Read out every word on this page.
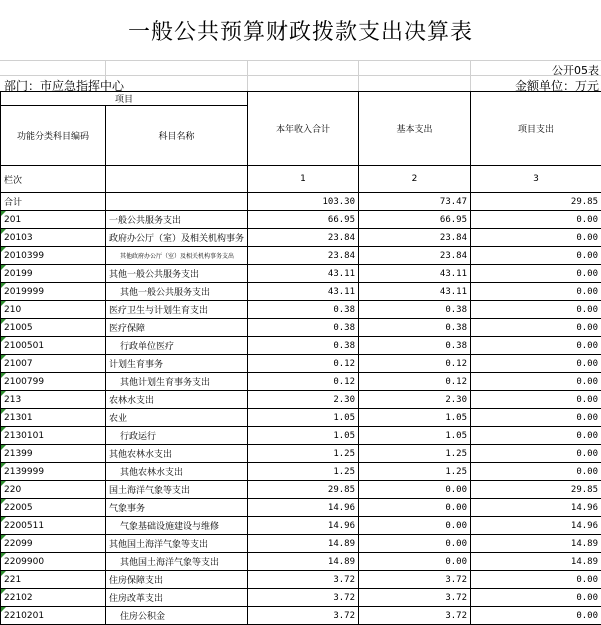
一般公共预算财政拨款支出决算表
公开05表
部门：市应急指挥中心	金额单位：万元
项目		本年收入合计	基本支出	项目支出
功能分类科目编码	科目名称			
栏次		1	2	3
合计		103.30	73.47	29.85

201	一般公共服务支出	66.95	66.95	0.00

20103	政府办公厅（室）及相关机构事务	23.84	23.84	0.00

2010399	其他政府办公厅（室）及相关机构事务支出	23.84	23.84	0.00

20199	其他一般公共服务支出	43.11	43.11	0.00

2019999	其他一般公共服务支出	43.11	43.11	0.00

210	医疗卫生与计划生育支出	0.38	0.38	0.00

21005	医疗保障	0.38	0.38	0.00

2100501	行政单位医疗	0.38	0.38	0.00

21007	计划生育事务	0.12	0.12	0.00

2100799	其他计划生育事务支出	0.12	0.12	0.00

213	农林水支出	2.30	2.30	0.00

21301	农业	1.05	1.05	0.00

2130101	行政运行	1.05	1.05	0.00

21399	其他农林水支出	1.25	1.25	0.00

2139999	其他农林水支出	1.25	1.25	0.00

220	国土海洋气象等支出	29.85	0.00	29.85

22005	气象事务	14.96	0.00	14.96

2200511	气象基础设施建设与维修	14.96	0.00	14.96

22099	其他国土海洋气象等支出	14.89	0.00	14.89

2209900	其他国土海洋气象等支出	14.89	0.00	14.89

221	住房保障支出	3.72	3.72	0.00

22102	住房改革支出	3.72	3.72	0.00

2210201	住房公积金	3.72	3.72	0.00
